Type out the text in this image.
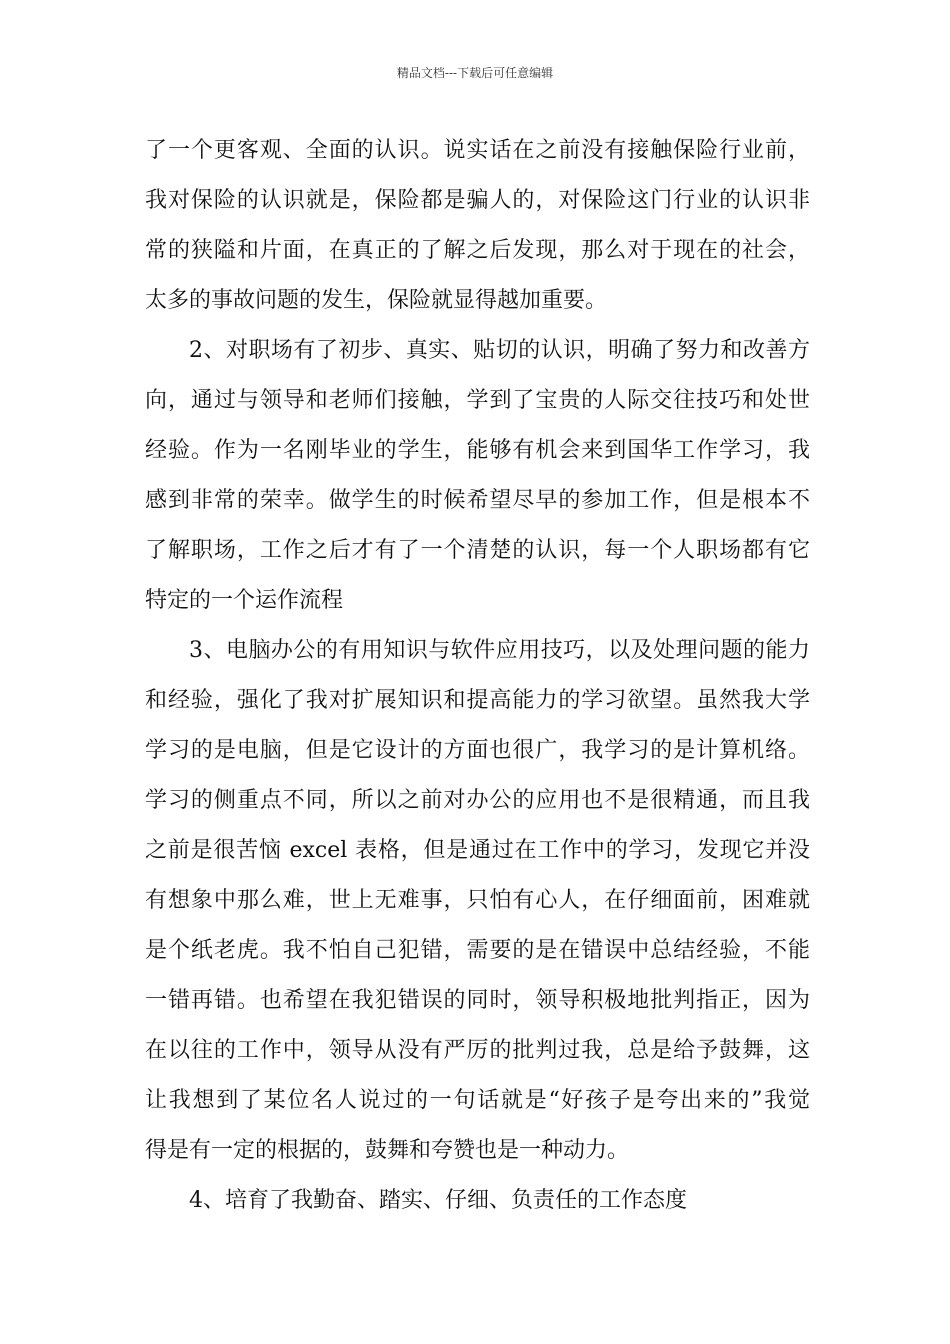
精品文档---下载后可任意编辑
了一个更客观、全面的认识。说实话在之前没有接触保险行业前，
我对保险的认识就是，保险都是骗人的，对保险这门行业的认识非
常的狭隘和片面，在真正的了解之后发现，那么对于现在的社会，
太多的事故问题的发生，保险就显得越加重要。
2、对职场有了初步、真实、贴切的认识，明确了努力和改善方
向，通过与领导和老师们接触，学到了宝贵的人际交往技巧和处世
经验。作为一名刚毕业的学生，能够有机会来到国华工作学习，我
感到非常的荣幸。做学生的时候希望尽早的参加工作，但是根本不
了解职场，工作之后才有了一个清楚的认识，每一个人职场都有它
特定的一个运作流程
3、电脑办公的有用知识与软件应用技巧，以及处理问题的能力
和经验，强化了我对扩展知识和提高能力的学习欲望。虽然我大学
学习的是电脑，但是它设计的方面也很广，我学习的是计算机络。
学习的侧重点不同，所以之前对办公的应用也不是很精通，而且我
之前是很苦恼 excel 表格，但是通过在工作中的学习，发现它并没
有想象中那么难，世上无难事，只怕有心人，在仔细面前，困难就
是个纸老虎。我不怕自己犯错，需要的是在错误中总结经验，不能
一错再错。也希望在我犯错误的同时，领导积极地批判指正，因为
在以往的工作中，领导从没有严厉的批判过我，总是给予鼓舞，这
让我想到了某位名人说过的一句话就是“好孩子是夸出来的”我觉
得是有一定的根据的，鼓舞和夸赞也是一种动力。
4、培育了我勤奋、踏实、仔细、负责任的工作态度
